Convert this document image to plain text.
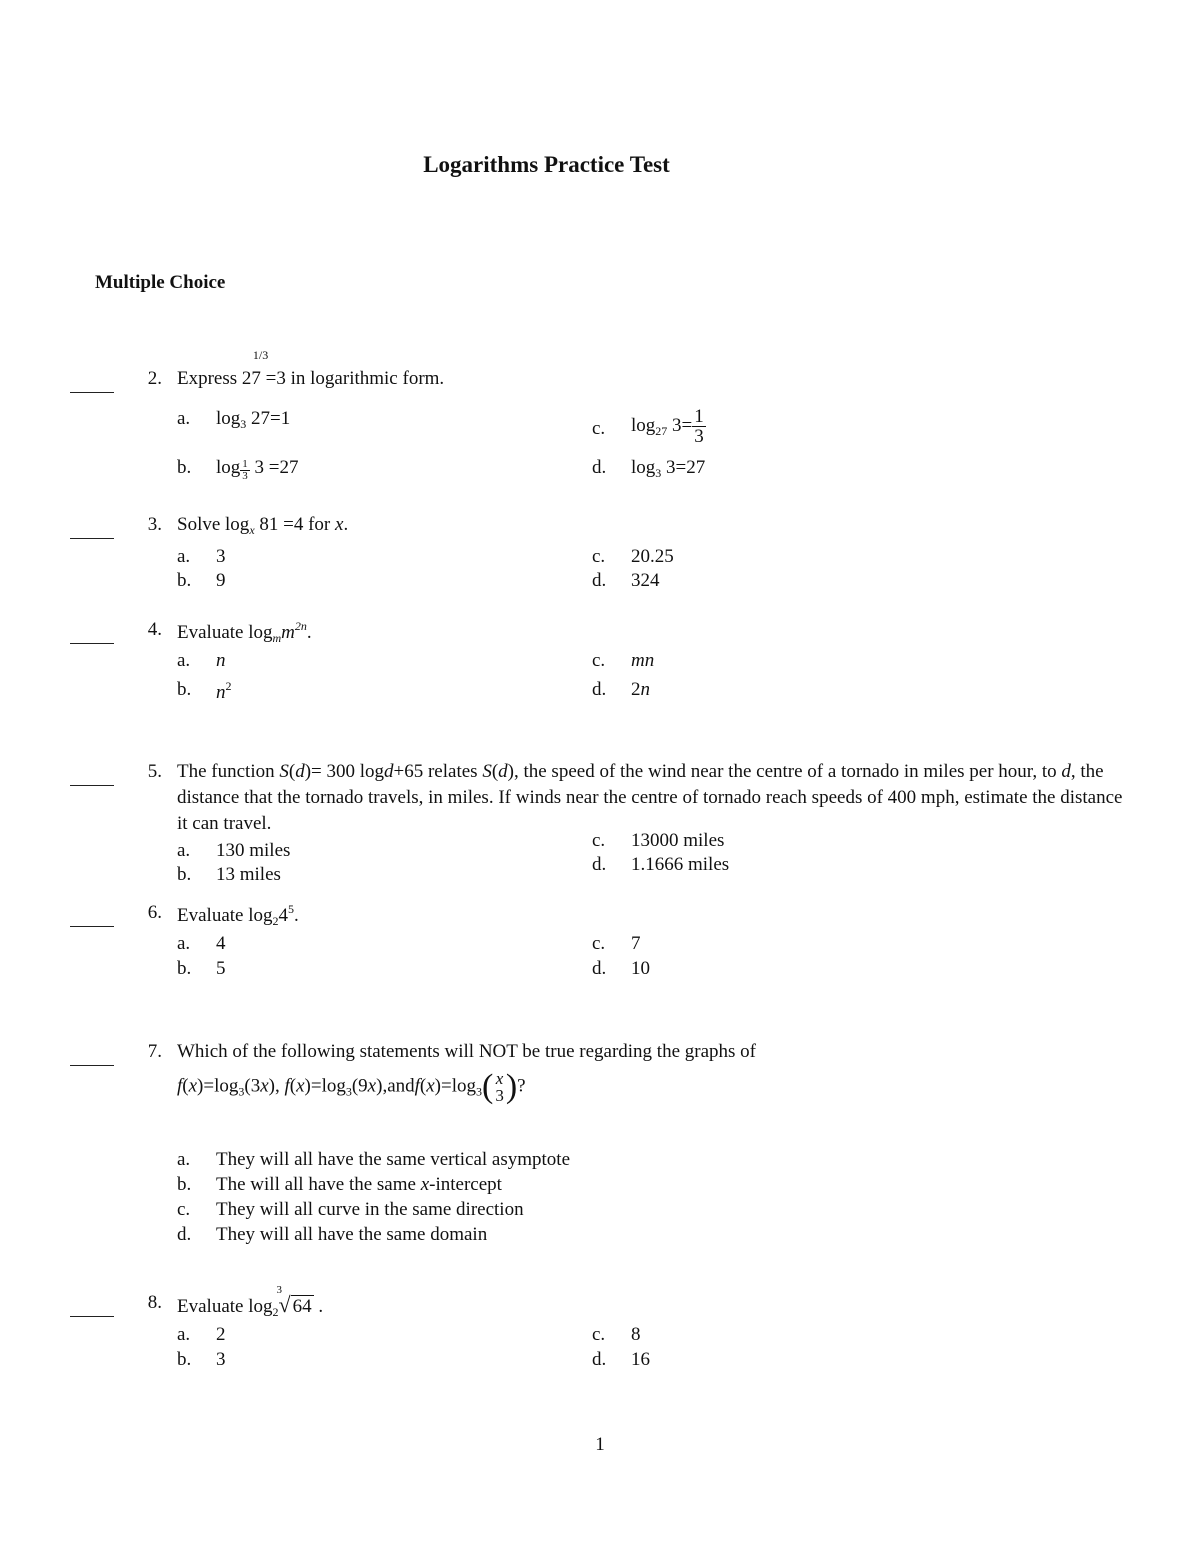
Logarithms Practice Test
Multiple Choice
2. Express 27
1/3
=3 in logarithmic form.
a. $\log_3 27=1$	c. $\log_{27} 3= \frac{1}{3}$
b. $\log \frac{1}{3} 3 =27$	d. $\log_3 3=27$
3. Solve $\log_x 81 =4$ for x.
a. 3
b. 9
c. 20.25
d. 324
4. Evaluate $\log_mm^{2n}$.
a. n
b. $n^2$
c. mn
d. 2n
5. The function S(d)= 300 logd+65 relates S(d), the speed of the wind near the centre of a tornado in miles per hour, to d, the distance that the tornado travels, in miles. If winds near the centre of tornado reach speeds of 400 mph, estimate the distance it can travel.
a. 130 miles
b. 13 miles
c. 13000 miles
d. 1.1666 miles
6. Evaluate $\log_24^5$.
a. 4
b. 5
c. 7
d. 10
7. Which of the following statements will NOT be true regarding the graphs of
$f(x)=\log_3(3x)$, $f(x)=\log_3(9x),andf(x)=\log_3$( x
3 )?
a. They will all have the same vertical asymptote
b. The will all have the same x-intercept
c. They will all curve in the same direction
d. They will all have the same domain
8. Evaluate $\log_2$
3
√ 64 .
a. 2
b. 3
c. 8
d. 16
1
